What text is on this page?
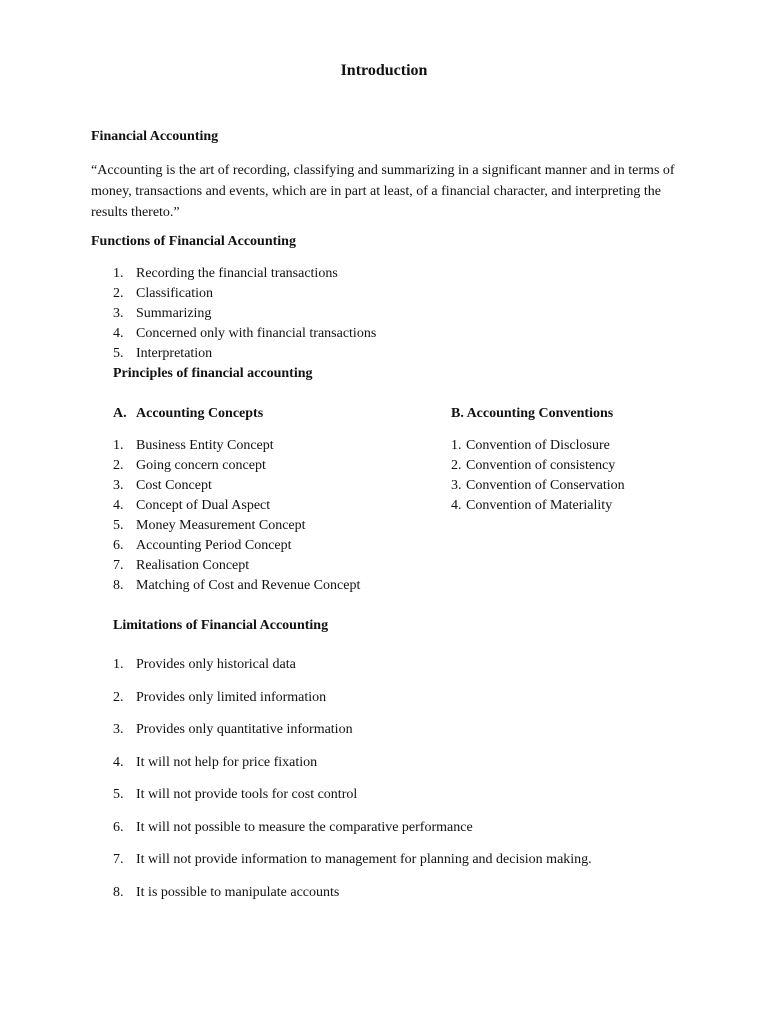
Introduction
Financial Accounting

“Accounting is the art of recording, classifying and summarizing in a significant manner and in terms of money, transactions and events, which are in part at least, of a financial character, and interpreting the results thereto.”

Functions of Financial Accounting
1. Recording the financial transactions
2. Classification
3. Summarizing
4. Concerned only with financial transactions
5. Interpretation
Principles of financial accounting
A. Accounting Concepts	B. Accounting Conventions
1. Business Entity Concept
2. Going concern concept
3. Cost Concept
4. Concept of Dual Aspect
5. Money Measurement Concept
6. Accounting Period Concept
7. Realisation Concept
8. Matching of Cost and Revenue Concept
1. Convention of Disclosure
2. Convention of consistency
3. Convention of Conservation
4. Convention of Materiality
Limitations of Financial Accounting
1. Provides only historical data
2. Provides only limited information
3. Provides only quantitative information
4. It will not help for price fixation
5. It will not provide tools for cost control
6. It will not possible to measure the comparative performance
7. It will not provide information to management for planning and decision making.
8. It is possible to manipulate accounts
